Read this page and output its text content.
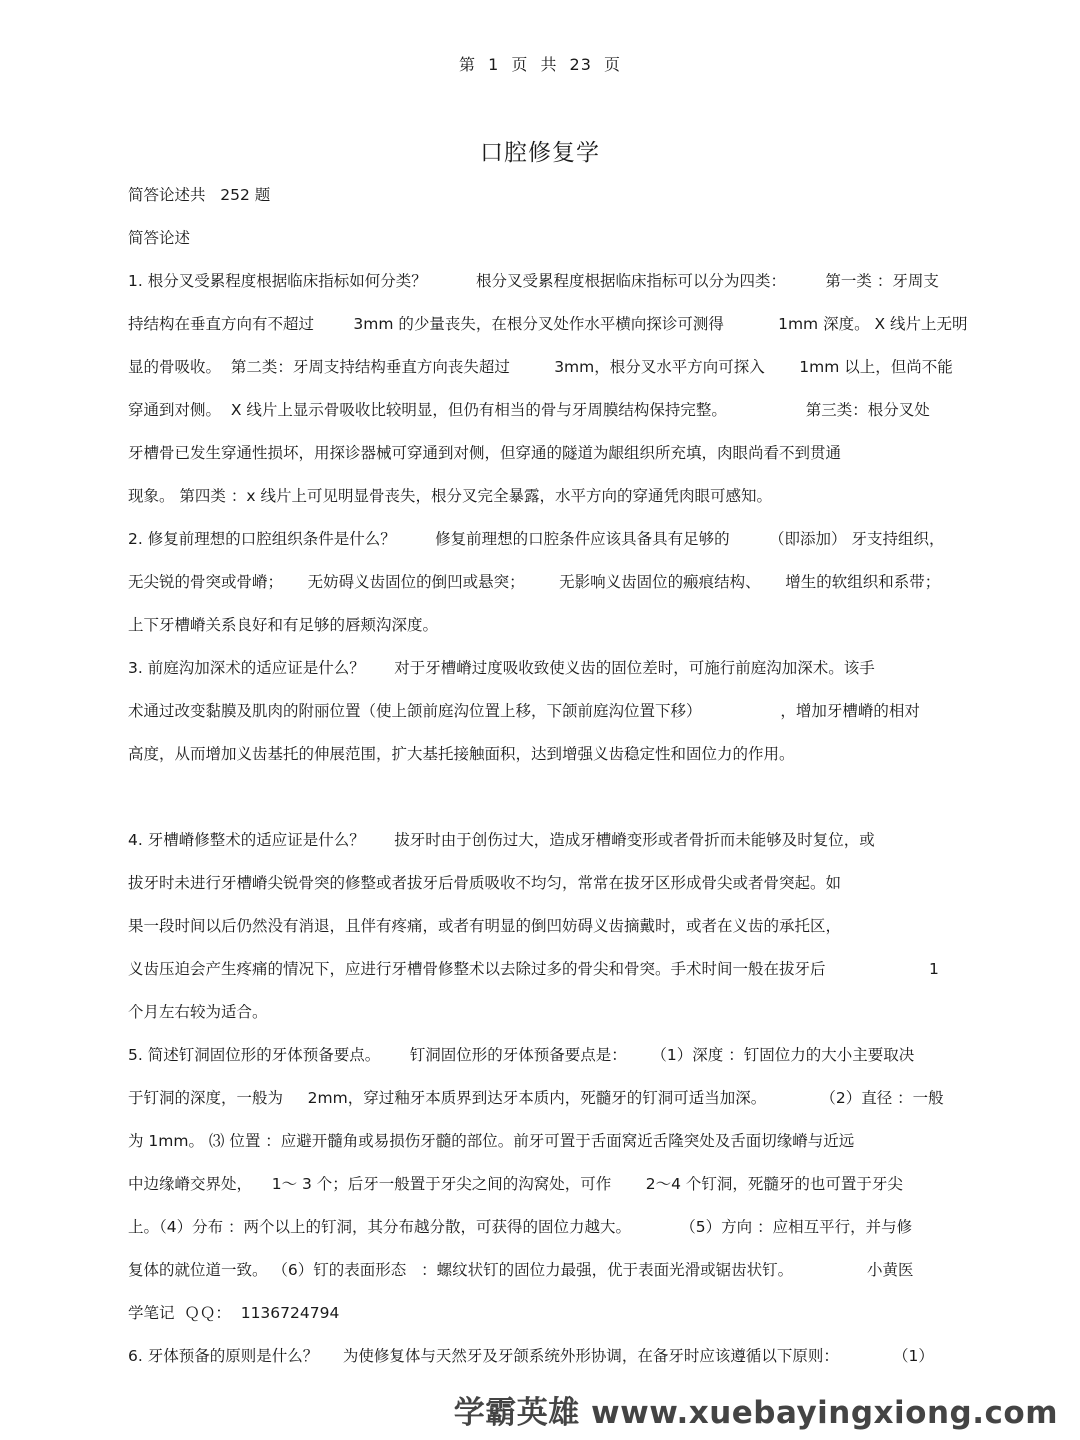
第 1 页 共 23 页
口腔修复学
简答论述共   252 题
简答论述
1. 根分叉受累程度根据临床指标如何分类？          根分叉受累程度根据临床指标可以分为四类：        第一类 ：牙周支
持结构在垂直方向有不超过        3mm 的少量丧失，在根分叉处作水平横向探诊可测得           1mm 深度。 X 线片上无明
显的骨吸收。  第二类：牙周支持结构垂直方向丧失超过         3mm，根分叉水平方向可探入       1mm 以上，但尚不能
穿通到对侧。  X 线片上显示骨吸收比较明显，但仍有相当的骨与牙周膜结构保持完整。                第三类：根分叉处
牙槽骨已发生穿通性损坏，用探诊器械可穿通到对侧，但穿通的隧道为龈组织所充填，肉眼尚看不到贯通
现象。 第四类 ：x 线片上可见明显骨丧失，根分叉完全暴露，水平方向的穿通凭肉眼可感知。
2. 修复前理想的口腔组织条件是什么？        修复前理想的口腔条件应该具备具有足够的        （即添加） 牙支持组织，
无尖锐的骨突或骨嵴；     无妨碍义齿固位的倒凹或悬突；       无影响义齿固位的瘢痕结构、     增生的软组织和系带；
上下牙槽嵴关系良好和有足够的唇颊沟深度。
3. 前庭沟加深术的适应证是什么？      对于牙槽嵴过度吸收致使义齿的固位差时，可施行前庭沟加深术。该手
术通过改变黏膜及肌肉的附丽位置（使上颌前庭沟位置上移，下颌前庭沟位置下移）                ，增加牙槽嵴的相对
高度，从而增加义齿基托的伸展范围，扩大基托接触面积，达到增强义齿稳定性和固位力的作用。
4. 牙槽嵴修整术的适应证是什么？      拔牙时由于创伤过大，造成牙槽嵴变形或者骨折而未能够及时复位，或
拔牙时未进行牙槽嵴尖锐骨突的修整或者拔牙后骨质吸收不均匀，常常在拔牙区形成骨尖或者骨突起。如
果一段时间以后仍然没有消退，且伴有疼痛，或者有明显的倒凹妨碍义齿摘戴时，或者在义齿的承托区，
义齿压迫会产生疼痛的情况下，应进行牙槽骨修整术以去除过多的骨尖和骨突。手术时间一般在拔牙后                     1
个月左右较为适合。
5. 简述钉洞固位形的牙体预备要点。      钉洞固位形的牙体预备要点是：     （1）深度 ：钉固位力的大小主要取决
于钉洞的深度，一般为     2mm，穿过釉牙本质界到达牙本质内，死髓牙的钉洞可适当加深。           （2）直径 ：一般
为 1mm。 ⑶ 位置 ：应避开髓角或易损伤牙髓的部位。前牙可置于舌面窝近舌隆突处及舌面切缘嵴与近远
中边缘嵴交界处，    1～ 3 个；后牙一般置于牙尖之间的沟窝处，可作       2～4 个钉洞，死髓牙的也可置于牙尖
上。（4）分布 ：两个以上的钉洞，其分布越分散，可获得的固位力越大。          （5）方向 ：应相互平行，并与修
复体的就位道一致。 （6）钉的表面形态   ：螺纹状钉的固位力最强，优于表面光滑或锯齿状钉。               小黄医
学笔记  ＱＱ：  1136724794
6. 牙体预备的原则是什么？     为使修复体与天然牙及牙颌系统外形协调，在备牙时应该遵循以下原则：           （1）
学霸英雄 www.xuebayingxiong.com
